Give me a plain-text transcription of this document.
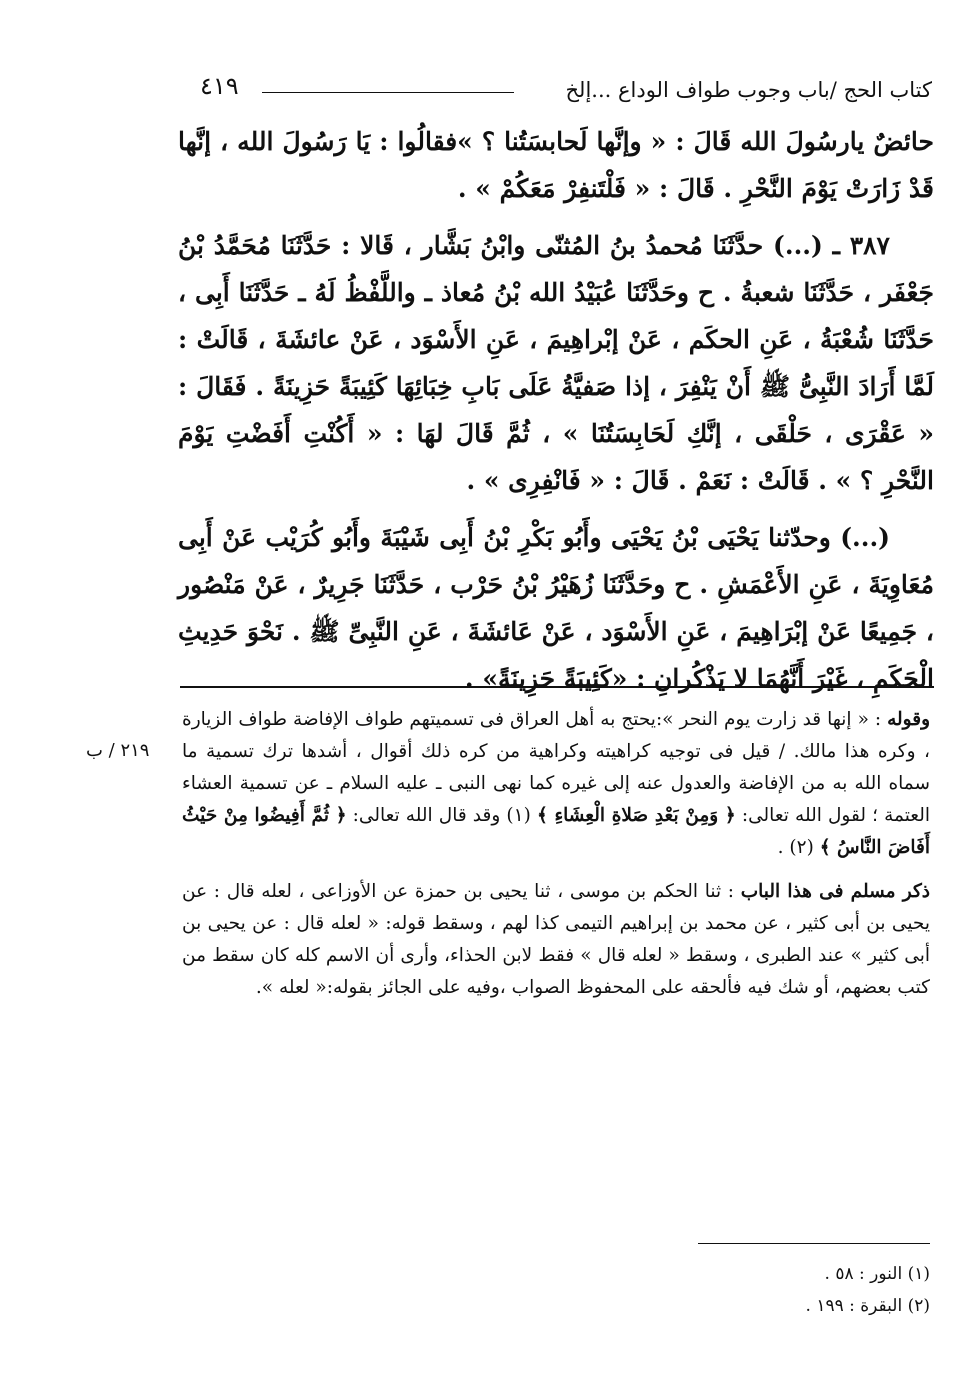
كتاب الحج /باب وجوب طواف الوداع ...إلخ
٤١٩

حائضٌ يارسُولَ الله قَالَ : « وإنَّها لَحابسَتُنا ؟ »فقالُوا : يَا رَسُولَ الله ، إنَّها قَدْ زَارَتْ يَوْمَ النَّحْرِ . قَالَ : « فَلْتَنفِرْ مَعَكُمْ » .

٣٨٧ ـ (...) حدَّثَنَا مُحمدُ بنُ المُثنّى وابْنُ بَشَّار ، قَالا : حَدَّثَنَا مُحَمَّدُ بْنُ جَعْفَر ، حَدَّثَنَا شعبةُ . ح وحَدَّثَنَا عُبَيْدُ الله بْنُ مُعاذ ـ واللَّفْظُ لَهُ ـ حَدَّثَنَا أَبِى ، حَدَّثَنَا شُعْبَةُ ، عَنِ الحكَم ، عَنْ إبْراهِيمَ ، عَنِ الأَسْوَد ، عَنْ عائشَةَ ، قَالَتْ : لَمَّا أَرَادَ النَّبِىُّ ﷺ أَنْ يَنْفِرَ ، إذا صَفيَّةُ عَلَى بَابِ خِبَائِهَا كَئِيبَةً حَزِينَةً . فَقَالَ : « عَقْرَى ، حَلْقَى ، إنَّكِ لَحَابِسَتُنَا » ، ثُمَّ قَالَ لهَا : « أَكُنْتِ أَفَضْتِ يَوْمَ النَّحْرِ ؟ » . قَالَتْ : نَعَمْ . قَالَ : « فَانْفِرِى » .

(...) وحدّثنا يَحْيَى بْنُ يَحْيَى وأَبُو بَكْرِ بْنُ أَبِى شَيْبَةَ وأَبُو كُرَيْب عَنْ أَبِى مُعَاوِيَةَ ، عَنِ الأَعْمَشِ . ح وحَدَّثَنَا زُهَيْرُ بْنُ حَرْب ، حَدَّثَنَا جَرِيرٌ ، عَنْ مَنْصُور ، جَمِيعًا عَنْ إبْرَاهِيمَ ، عَنِ الأَسْوَد ، عَنْ عَائشَةَ ، عَنِ النَّبِىِّ ﷺ . نَحْوَ حَدِيثِ الْحَكَمِ ، غَيْرَ أَنَّهُمَا لا يَذْكُرانِ : «كَئِيبَةً حَزِينَةً» .

٢١٩ / ب

وقوله : « إنها قد زارت يوم النحر »:يحتج به أهل العراق فى تسميتهم طواف الإفاضة طواف الزيارة ، وكره هذا مالك. / قيل فى توجيه كراهيته وكراهية من كره ذلك أقوال ، أشدها ترك تسمية ما سماه الله به من الإفاضة والعدول عنه إلى غيره كما نهى النبى ـ عليه السلام ـ عن تسمية العشاء العتمة ؛ لقول الله تعالى: ﴿ وَمِنْ بَعْدِ صَلاةِ الْعِشَاءِ ﴾ (١) وقد قال الله تعالى: ﴿ ثُمَّ أَفِيضُوا مِنْ حَيْثُ أَفَاضَ النَّاسُ ﴾ (٢) .

ذكر مسلم فى هذا الباب : ثنا الحكم بن موسى ، ثنا يحيى بن حمزة عن الأوزاعى ، لعله قال : عن يحيى بن أبى كثير ، عن محمد بن إبراهيم التيمى كذا لهم ، وسقط قوله: « لعله قال : عن يحيى بن أبى كثير » عند الطبرى ، وسقط « لعله قال » فقط لابن الحذاء، وأرى أن الاسم كله كان سقط من كتب بعضهم، أو شك فيه فألحقه على المحفوظ الصواب ،وفيه على الجائز بقوله:« لعله ».

(١) النور : ٥٨ .
(٢) البقرة : ١٩٩ .
